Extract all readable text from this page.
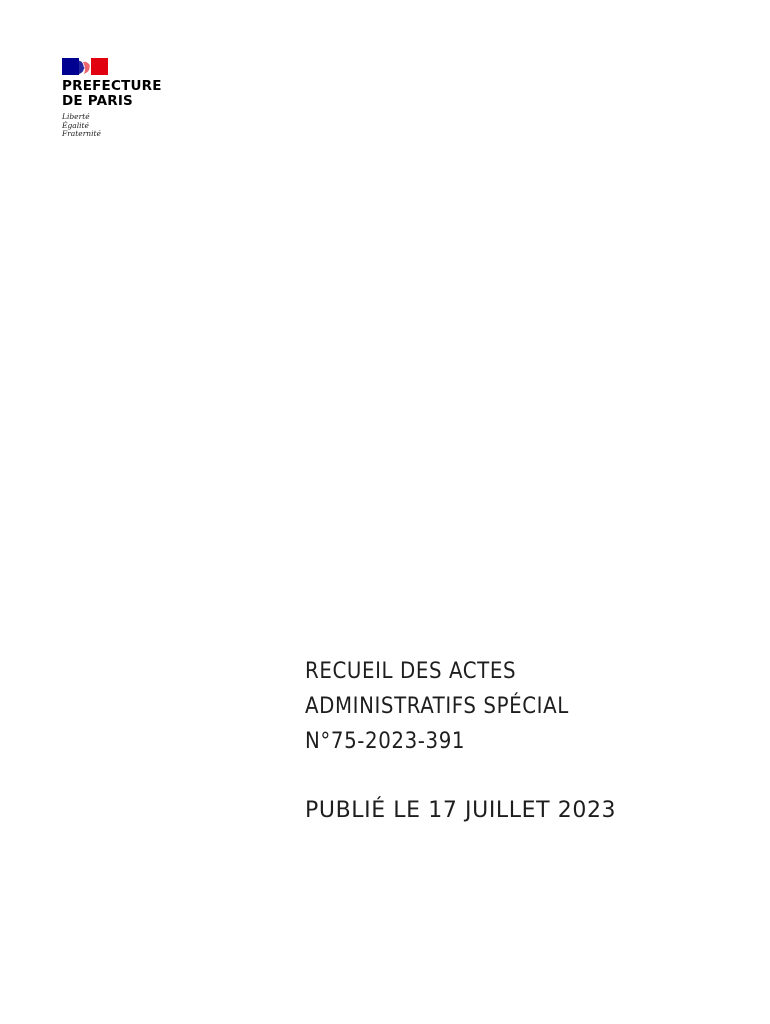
PREFECTURE
DE PARIS
Liberté
Égalité
Fraternité
RECUEIL DES ACTES
ADMINISTRATIFS SPÉCIAL
N°75-2023-391
PUBLIÉ LE 17 JUILLET 2023
